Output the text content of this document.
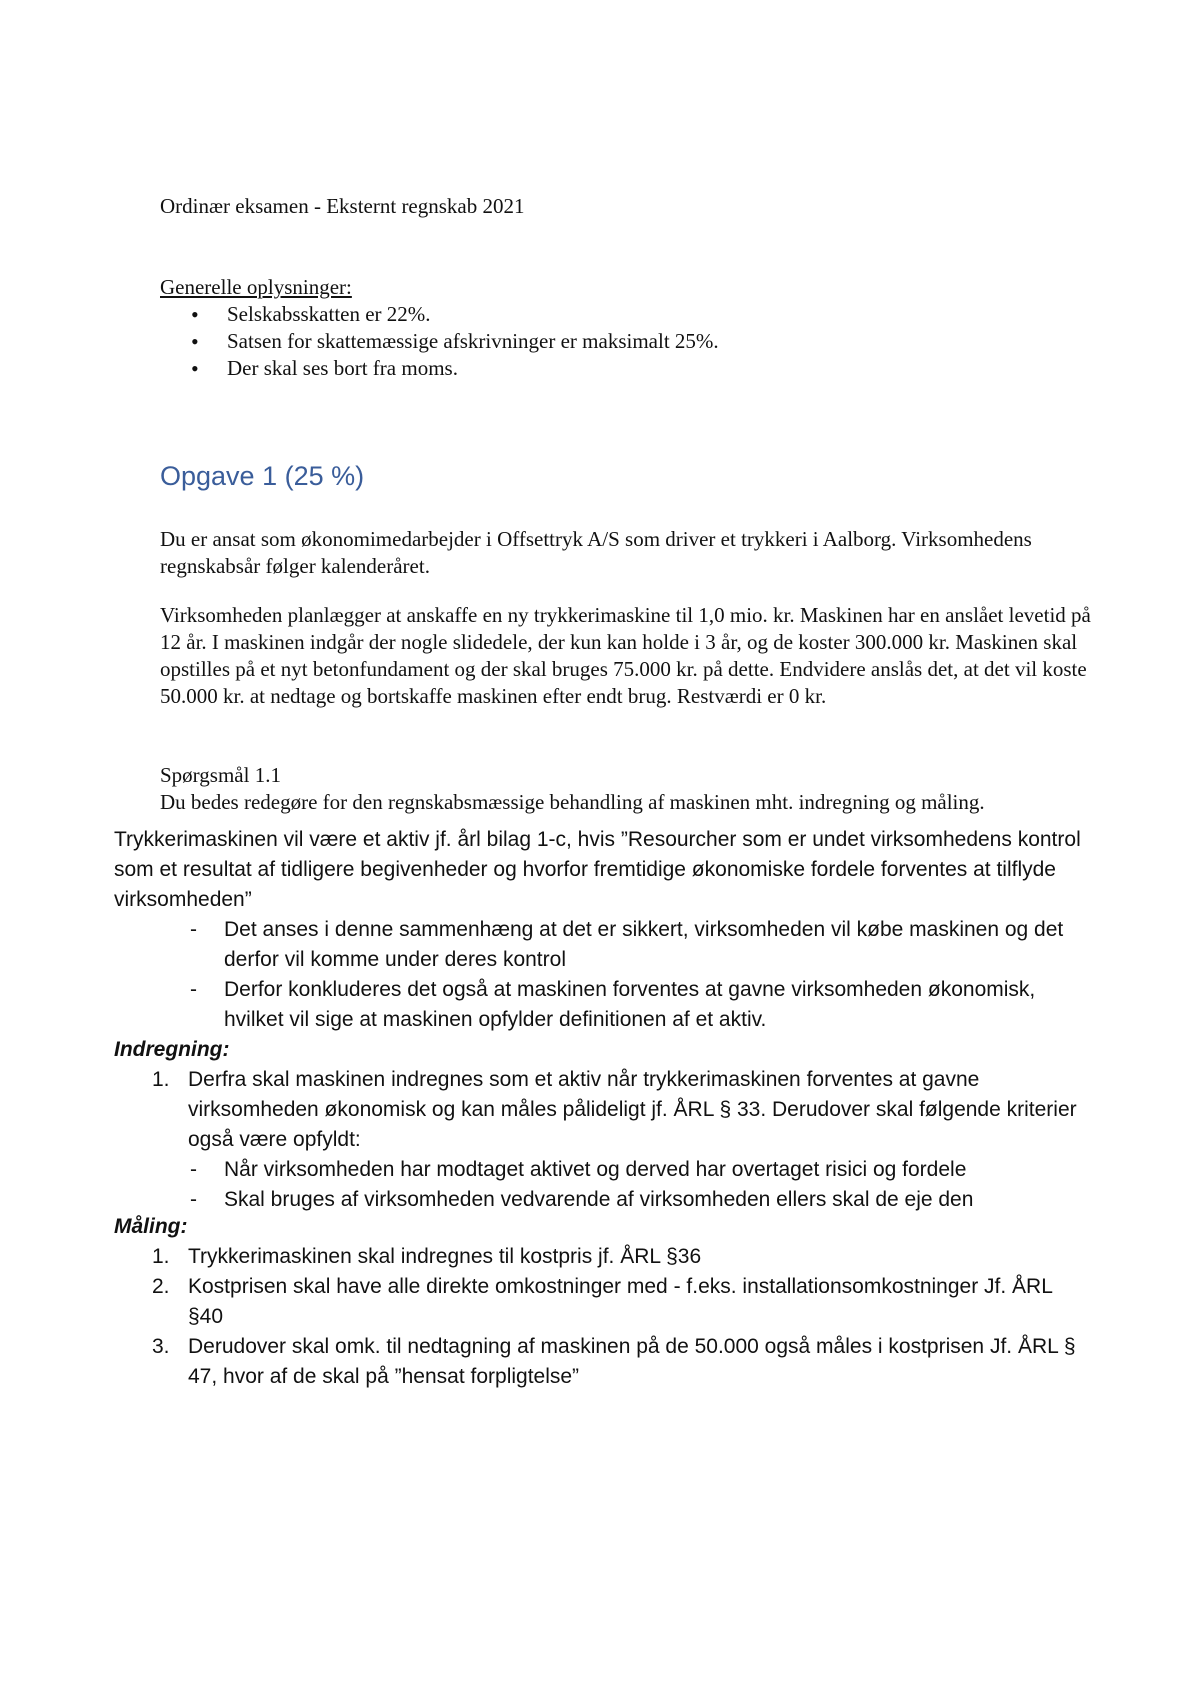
Ordinær eksamen - Eksternt regnskab 2021
Generelle oplysninger:
• Selskabsskatten er 22%.
• Satsen for skattemæssige afskrivninger er maksimalt 25%.
• Der skal ses bort fra moms.
Opgave 1 (25 %)

Du er ansat som økonomimedarbejder i Offsettryk A/S som driver et trykkeri i Aalborg. Virksomhedens regnskabsår følger kalenderåret.

Virksomheden planlægger at anskaffe en ny trykkerimaskine til 1,0 mio. kr. Maskinen har en anslået levetid på 12 år. I maskinen indgår der nogle slidedele, der kun kan holde i 3 år, og de koster 300.000 kr. Maskinen skal opstilles på et nyt betonfundament og der skal bruges 75.000 kr. på dette. Endvidere anslås det, at det vil koste 50.000 kr. at nedtage og bortskaffe maskinen efter endt brug. Restværdi er 0 kr.

Spørgsmål 1.1
Du bedes redegøre for den regnskabsmæssige behandling af maskinen mht. indregning og måling.

Trykkerimaskinen vil være et aktiv jf. årl bilag 1-c, hvis ”Resourcher som er undet virksomhedens kontrol som et resultat af tidligere begivenheder og hvorfor fremtidige økonomiske fordele forventes at tilflyde virksomheden”

- Det anses i denne sammenhæng at det er sikkert, virksomheden vil købe maskinen og det derfor vil komme under deres kontrol
- Derfor konkluderes det også at maskinen forventes at gavne virksomheden økonomisk, hvilket vil sige at maskinen opfylder definitionen af et aktiv.
Indregning:
1. Derfra skal maskinen indregnes som et aktiv når trykkerimaskinen forventes at gavne virksomheden økonomisk og kan måles pålideligt jf. ÅRL § 33. Derudover skal følgende kriterier også være opfyldt:
- Når virksomheden har modtaget aktivet og derved har overtaget risici og fordele
- Skal bruges af virksomheden vedvarende af virksomheden ellers skal de eje den
Måling:
1. Trykkerimaskinen skal indregnes til kostpris jf. ÅRL §36
2. Kostprisen skal have alle direkte omkostninger med - f.eks. installationsomkostninger Jf. ÅRL §40
3. Derudover skal omk. til nedtagning af maskinen på de 50.000 også måles i kostprisen Jf. ÅRL § 47, hvor af de skal på ”hensat forpligtelse”
